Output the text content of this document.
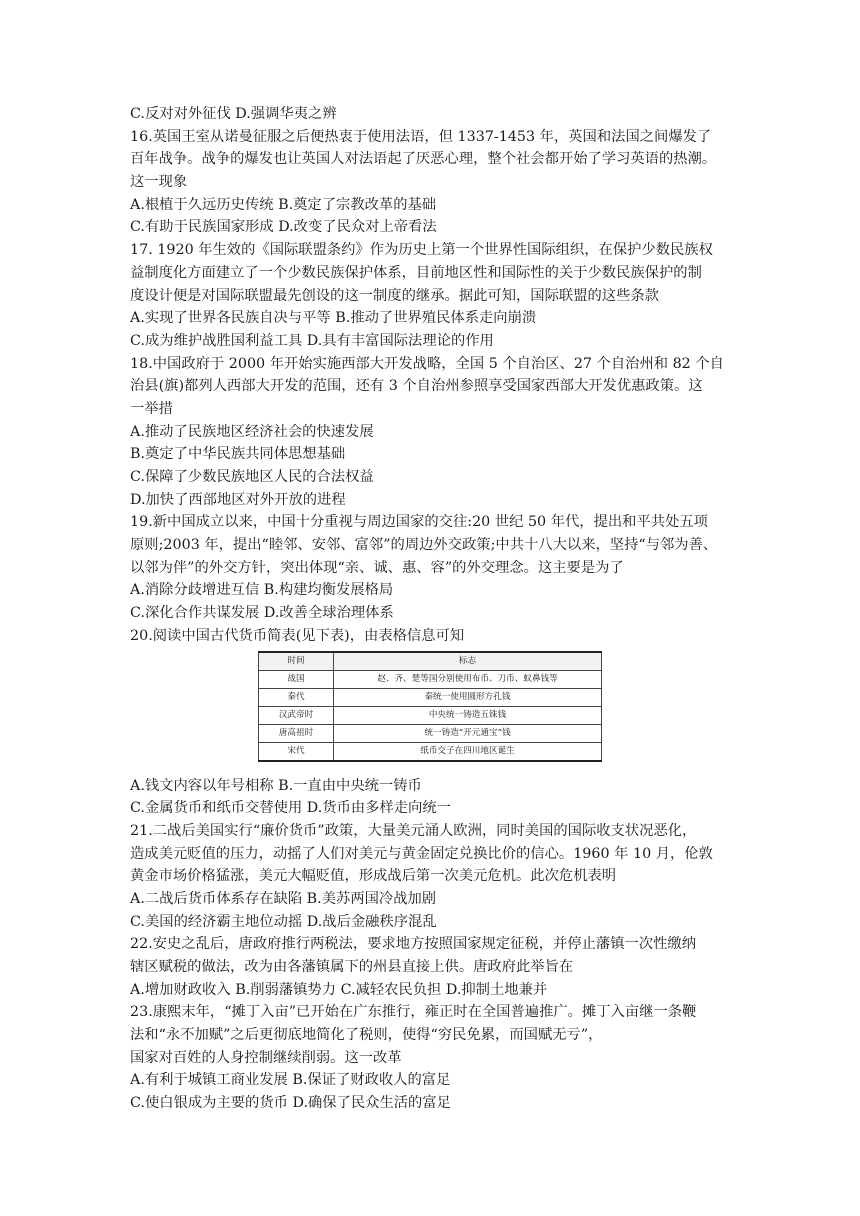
C.反对对外征伐 D.强调华夷之辨
16.英国王室从诺曼征服之后便热衷于使用法语，但 1337-1453 年，英国和法国之间爆发了
百年战争。战争的爆发也让英国人对法语起了厌恶心理，整个社会都开始了学习英语的热潮。
这一现象
A.根植于久远历史传统 B.奠定了宗教改革的基础
C.有助于民族国家形成 D.改变了民众对上帝看法
17. 1920 年生效的《国际联盟条约》作为历史上第一个世界性国际组织，在保护少数民族权
益制度化方面建立了一个少数民族保护体系，目前地区性和国际性的关于少数民族保护的制
度设计便是对国际联盟最先创设的这一制度的继承。据此可知，国际联盟的这些条款
A.实现了世界各民族自决与平等 B.推动了世界殖民体系走向崩溃
C.成为维护战胜国利益工具 D.具有丰富国际法理论的作用
18.中国政府于 2000 年开始实施西部大开发战略，全国 5 个自治区、27 个自治州和 82 个自
治县(旗)都列人西部大开发的范围，还有 3 个自治州参照享受国家西部大开发优惠政策。这
一举措
A.推动了民族地区经济社会的快速发展
B.奠定了中华民族共同体思想基础
C.保障了少数民族地区人民的合法权益
D.加快了西部地区对外开放的进程
19.新中国成立以来，中国十分重视与周边国家的交往:20 世纪 50 年代，提出和平共处五项
原则;2003 年，提出“睦邻、安邻、富邻”的周边外交政策;中共十八大以来，坚持“与邻为善、
以邻为伴”的外交方针，突出体现“亲、诚、惠、容”的外交理念。这主要是为了
A.消除分歧增进互信 B.构建均衡发展格局
C.深化合作共谋发展 D.改善全球治理体系
20.阅读中国古代货币简表(见下表)，由表格信息可知
时间	标志
战国	赵、齐、楚等国分别使用布币、刀币、蚁鼻钱等
秦代	秦统一使用圆形方孔钱
汉武帝时	中央统一铸造五铢钱
唐高祖时	统一铸造“开元通宝”钱
宋代	纸币交子在四川地区诞生
A.钱文内容以年号相称 B.一直由中央统一铸币
C.金属货币和纸币交替使用 D.货币由多样走向统一
21.二战后美国实行“廉价货币”政策，大量美元涌人欧洲，同时美国的国际收支状况恶化，
造成美元贬值的压力，动摇了人们对美元与黄金固定兑换比价的信心。1960 年 10 月，伦敦
黄金市场价格猛涨，美元大幅贬值，形成战后第一次美元危机。此次危机表明
A.二战后货币体系存在缺陷 B.美苏两国冷战加剧
C.美国的经济霸主地位动摇 D.战后金融秩序混乱
22.安史之乱后，唐政府推行两税法，要求地方按照国家规定征税，并停止藩镇一次性缴纳
辖区赋税的做法，改为由各藩镇属下的州县直接上供。唐政府此举旨在
A.增加财政收入 B.削弱藩镇势力 C.减轻农民负担 D.抑制土地兼并
23.康熙末年，“摊丁入亩”已开始在广东推行，雍正时在全国普遍推广。摊丁入亩继一条鞭
法和“永不加赋”之后更彻底地简化了税则，使得“穷民免累，而国赋无亏”，
国家对百姓的人身控制继续削弱。这一改革
A.有利于城镇工商业发展 B.保证了财政收人的富足
C.使白银成为主要的货币 D.确保了民众生活的富足
